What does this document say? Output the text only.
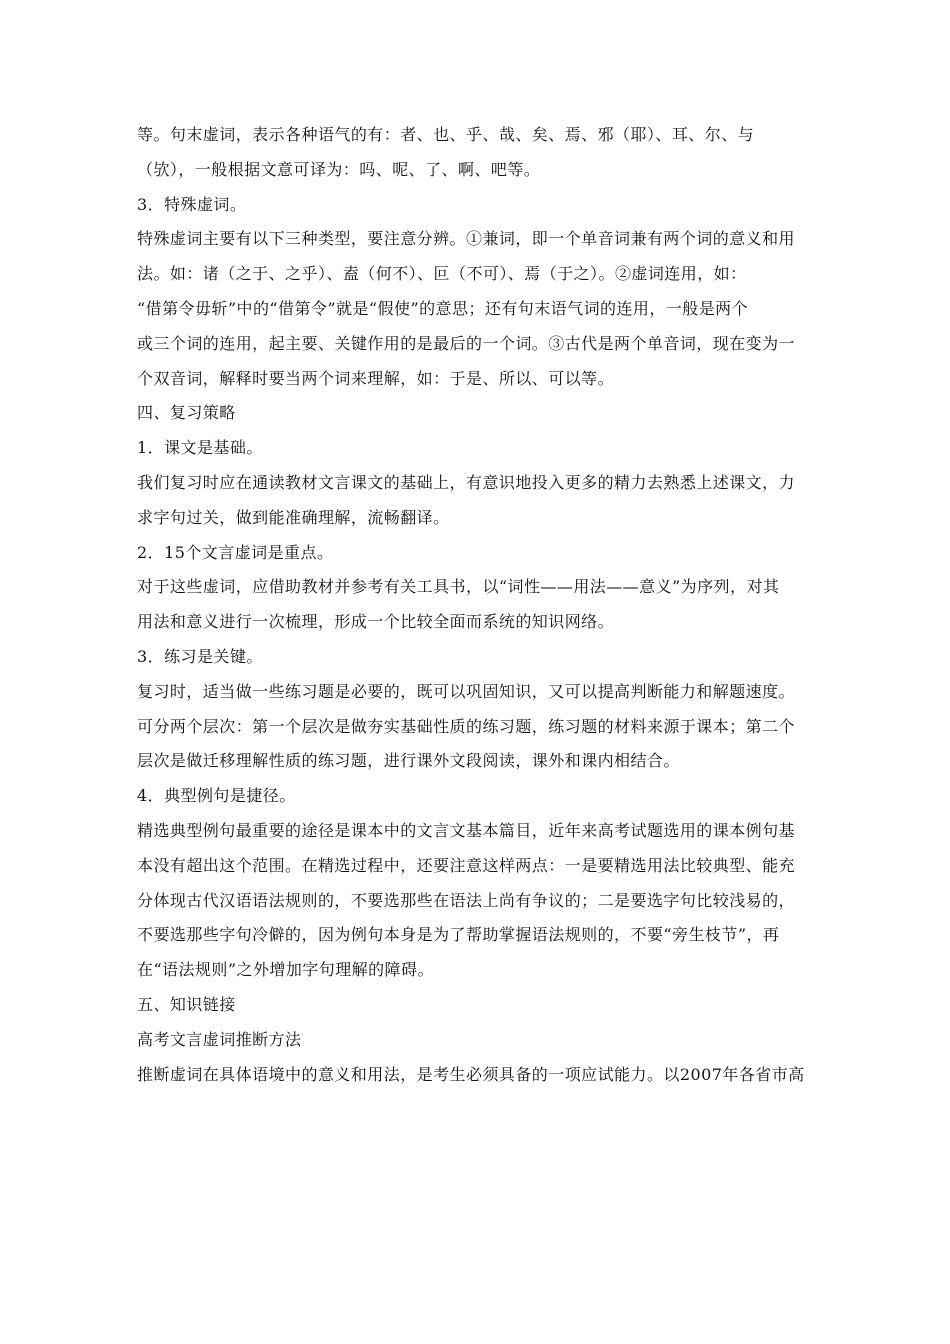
等。句末虚词，表示各种语气的有：者、也、乎、哉、矣、焉、邪（耶）、耳、尔、与
（欤），一般根据文意可译为：吗、呢、了、啊、吧等。
3．特殊虚词。
特殊虚词主要有以下三种类型，要注意分辨。①兼词，即一个单音词兼有两个词的意义和用
法。如：诸（之于、之乎）、盍（何不）、叵（不可）、焉（于之）。②虚词连用，如：
“借第令毋斩”中的“借第令”就是“假使”的意思；还有句末语气词的连用，一般是两个
或三个词的连用，起主要、关键作用的是最后的一个词。③古代是两个单音词，现在变为一
个双音词，解释时要当两个词来理解，如：于是、所以、可以等。
四、复习策略
1．课文是基础。
我们复习时应在通读教材文言课文的基础上，有意识地投入更多的精力去熟悉上述课文，力
求字句过关，做到能准确理解，流畅翻译。
2．15个文言虚词是重点。
对于这些虚词，应借助教材并参考有关工具书，以“词性——用法——意义”为序列，对其
用法和意义进行一次梳理，形成一个比较全面而系统的知识网络。
3．练习是关键。
复习时，适当做一些练习题是必要的，既可以巩固知识，又可以提高判断能力和解题速度。
可分两个层次：第一个层次是做夯实基础性质的练习题，练习题的材料来源于课本；第二个
层次是做迁移理解性质的练习题，进行课外文段阅读，课外和课内相结合。
4．典型例句是捷径。
精选典型例句最重要的途径是课本中的文言文基本篇目，近年来高考试题选用的课本例句基
本没有超出这个范围。在精选过程中，还要注意这样两点：一是要精选用法比较典型、能充
分体现古代汉语语法规则的，不要选那些在语法上尚有争议的；二是要选字句比较浅易的，
不要选那些字句冷僻的，因为例句本身是为了帮助掌握语法规则的，不要“旁生枝节”，再
在“语法规则”之外增加字句理解的障碍。
五、知识链接
高考文言虚词推断方法
推断虚词在具体语境中的意义和用法，是考生必须具备的一项应试能力。以2007年各省市高
